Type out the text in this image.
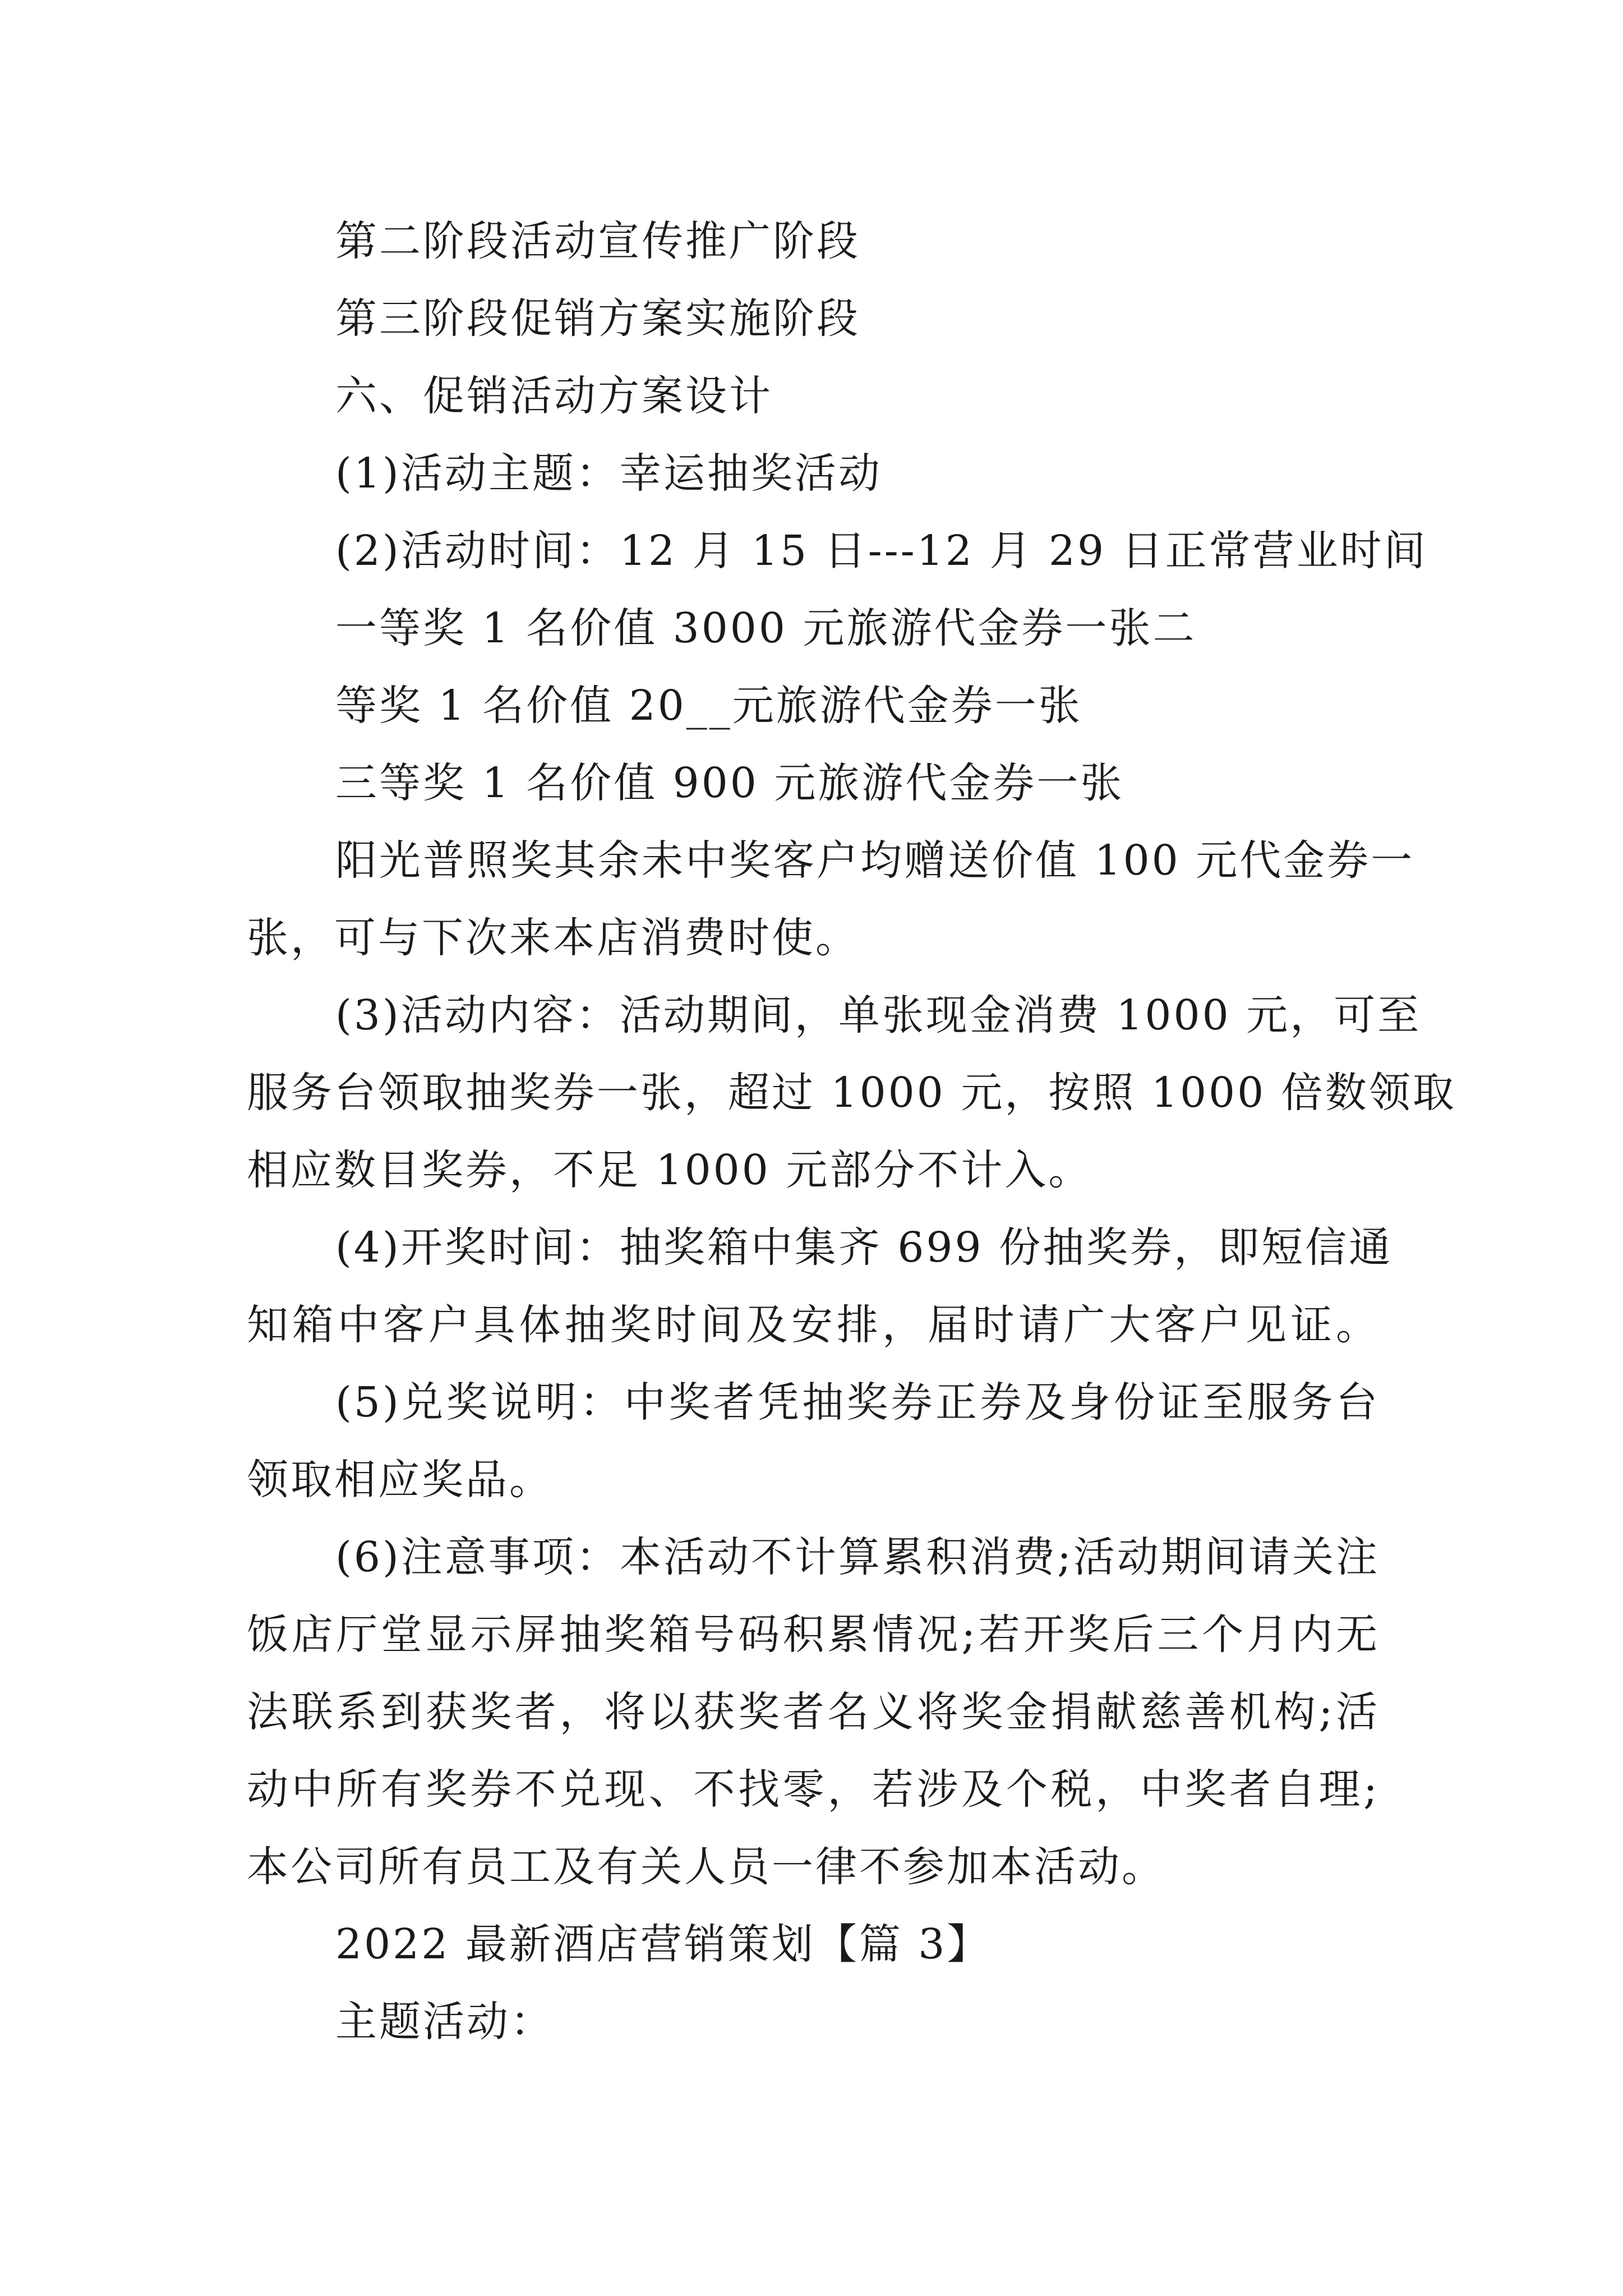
第二阶段活动宣传推广阶段
第三阶段促销方案实施阶段
六、促销活动方案设计
(1)活动主题：幸运抽奖活动
(2)活动时间：12 月 15 日---12 月 29 日正常营业时间
一等奖 1 名价值 3000 元旅游代金券一张二
等奖 1 名价值 20__元旅游代金券一张
三等奖 1 名价值 900 元旅游代金券一张
阳光普照奖其余未中奖客户均赠送价值 100 元代金券一
张，可与下次来本店消费时使。
(3)活动内容：活动期间，单张现金消费 1000 元，可至
服务台领取抽奖券一张，超过 1000 元，按照 1000 倍数领取
相应数目奖券，不足 1000 元部分不计入。
(4)开奖时间：抽奖箱中集齐 699 份抽奖券，即短信通
知箱中客户具体抽奖时间及安排，届时请广大客户见证。
(5)兑奖说明：中奖者凭抽奖券正券及身份证至服务台
领取相应奖品。
(6)注意事项：本活动不计算累积消费;活动期间请关注
饭店厅堂显示屏抽奖箱号码积累情况;若开奖后三个月内无
法联系到获奖者，将以获奖者名义将奖金捐献慈善机构;活
动中所有奖券不兑现、不找零，若涉及个税，中奖者自理;
本公司所有员工及有关人员一律不参加本活动。
2022 最新酒店营销策划【篇 3】
主题活动：
